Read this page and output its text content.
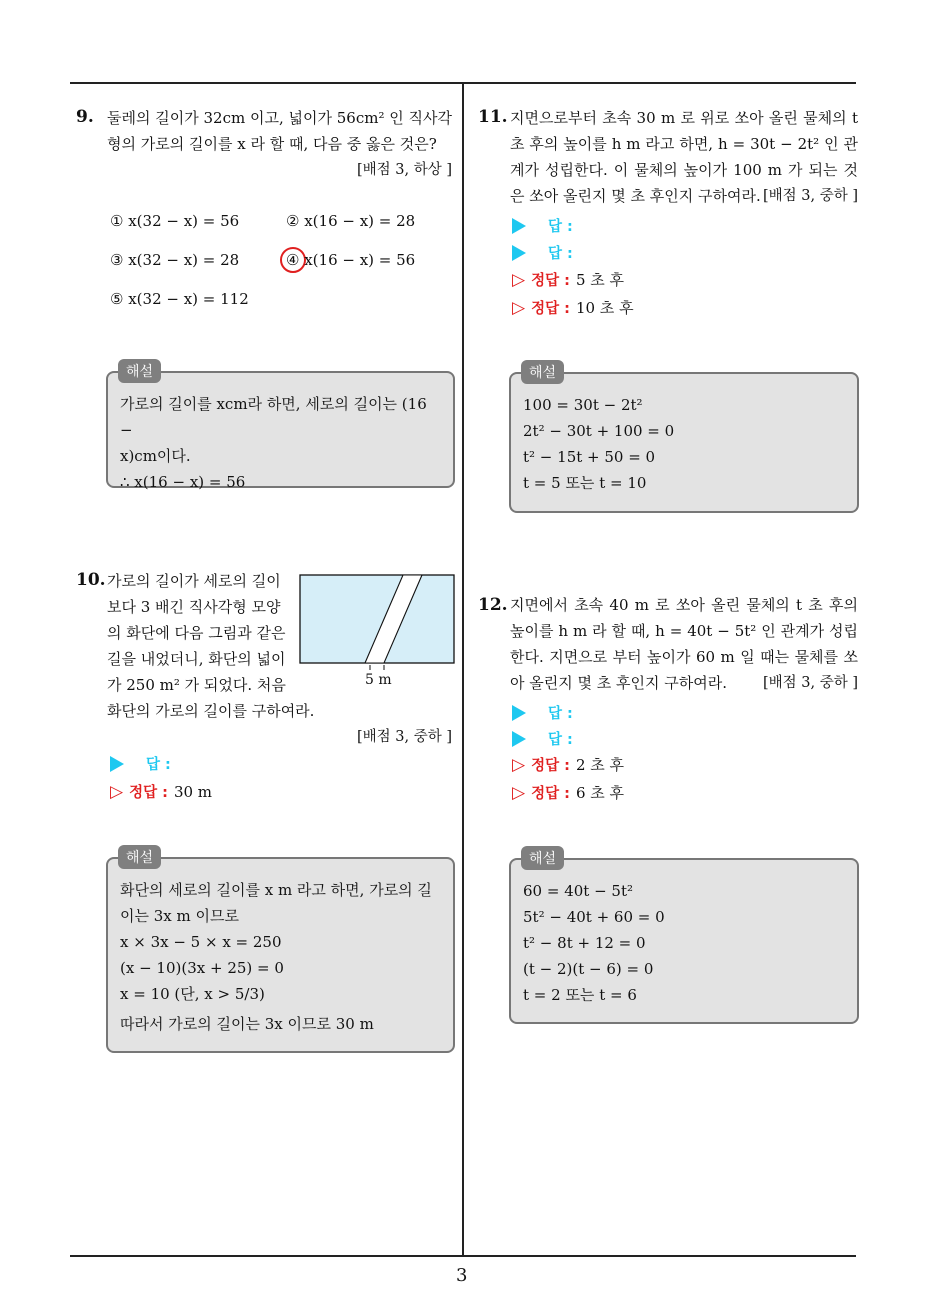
3
9. 둘레의 길이가 32cm 이고, 넓이가 56cm² 인 직사각형의 가로의 길이를 x 라 할 때, 다음 중 옳은 것은?
[배점 3, 하상 ]
① x(32 − x) = 56	② x(16 − x) = 28
③ x(32 − x) = 28	④ x(16 − x) = 56
⑤ x(32 − x) = 112
가로의 길이를 xcm라 하면, 세로의 길이는 (16 −
x)cm이다.
∴ x(16 − x) = 56
해설
10. 가로의 길이가 세로의 길이
보다 3 배긴 직사각형 모양
의 화단에 다음 그림과 같은
길을 내었더니, 화단의 넓이
가 250 m² 가 되었다. 처음
화단의 가로의 길이를 구하여라.
5 m
[배점 3, 중하 ]
답 :
▷ 정답 : 30 m
화단의 세로의 길이를 x m 라고 하면, 가로의 길
이는 3x m 이므로
x × 3x − 5 × x = 250
(x − 10)(3x + 25) = 0
x = 10 (단, x > 5/3)
따라서 가로의 길이는 3x 이므로 30 m
해설
11. 지면으로부터 초속 30 m 로 위로 쏘아 올린 물체의 t 초 후의 높이를 h m 라고 하면, h = 30t − 2t² 인 관계가 성립한다. 이 물체의 높이가 100 m 가 되는 것은 쏘아 올린지 몇 초 후인지 구하여라. [배점 3, 중하 ]
답 :
답 :
▷ 정답 : 5 초 후
▷ 정답 : 10 초 후
100 = 30t − 2t²
2t² − 30t + 100 = 0
t² − 15t + 50 = 0
t = 5 또는 t = 10
해설
12. 지면에서 초속 40 m 로 쏘아 올린 물체의 t 초 후의 높이를 h m 라 할 때, h = 40t − 5t² 인 관계가 성립한다. 지면으로 부터 높이가 60 m 일 때는 물체를 쏘아 올린지 몇 초 후인지 구하여라.	[배점 3, 중하 ]
답 :
답 :
▷ 정답 : 2 초 후
▷ 정답 : 6 초 후
60 = 40t − 5t²
5t² − 40t + 60 = 0
t² − 8t + 12 = 0
(t − 2)(t − 6) = 0
t = 2 또는 t = 6
해설
